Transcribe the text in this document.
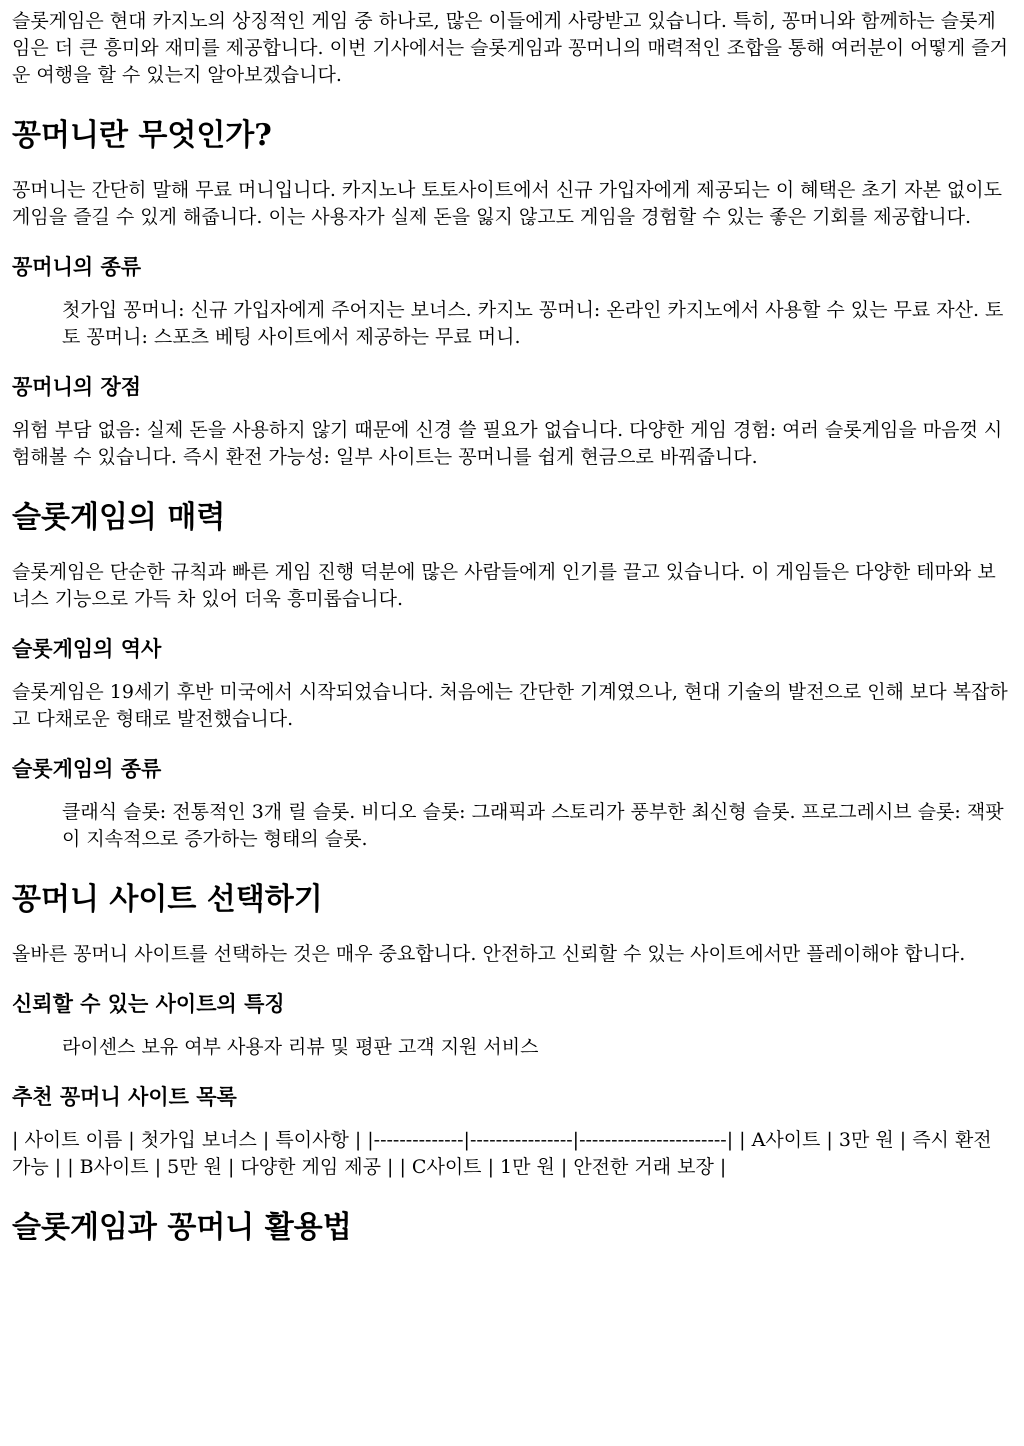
슬롯게임은 현대 카지노의 상징적인 게임 중 하나로, 많은 이들에게 사랑받고 있습니다. 특히, 꽁머니와 함께하는 슬롯게임은 더 큰 흥미와 재미를 제공합니다. 이번 기사에서는 슬롯게임과 꽁머니의 매력적인 조합을 통해 여러분이 어떻게 즐거운 여행을 할 수 있는지 알아보겠습니다.

꽁머니란 무엇인가?

꽁머니는 간단히 말해 무료 머니입니다. 카지노나 토토사이트에서 신규 가입자에게 제공되는 이 혜택은 초기 자본 없이도 게임을 즐길 수 있게 해줍니다. 이는 사용자가 실제 돈을 잃지 않고도 게임을 경험할 수 있는 좋은 기회를 제공합니다.

꽁머니의 종류
첫가입 꽁머니: 신규 가입자에게 주어지는 보너스. 카지노 꽁머니: 온라인 카지노에서 사용할 수 있는 무료 자산. 토토 꽁머니: 스포츠 베팅 사이트에서 제공하는 무료 머니.
꽁머니의 장점

위험 부담 없음: 실제 돈을 사용하지 않기 때문에 신경 쓸 필요가 없습니다. 다양한 게임 경험: 여러 슬롯게임을 마음껏 시험해볼 수 있습니다. 즉시 환전 가능성: 일부 사이트는 꽁머니를 쉽게 현금으로 바꿔줍니다.

슬롯게임의 매력

슬롯게임은 단순한 규칙과 빠른 게임 진행 덕분에 많은 사람들에게 인기를 끌고 있습니다. 이 게임들은 다양한 테마와 보너스 기능으로 가득 차 있어 더욱 흥미롭습니다.

슬롯게임의 역사

슬롯게임은 19세기 후반 미국에서 시작되었습니다. 처음에는 간단한 기계였으나, 현대 기술의 발전으로 인해 보다 복잡하고 다채로운 형태로 발전했습니다.

슬롯게임의 종류
클래식 슬롯: 전통적인 3개 릴 슬롯. 비디오 슬롯: 그래픽과 스토리가 풍부한 최신형 슬롯. 프로그레시브 슬롯: 잭팟이 지속적으로 증가하는 형태의 슬롯.
꽁머니 사이트 선택하기

올바른 꽁머니 사이트를 선택하는 것은 매우 중요합니다. 안전하고 신뢰할 수 있는 사이트에서만 플레이해야 합니다.

신뢰할 수 있는 사이트의 특징
라이센스 보유 여부 사용자 리뷰 및 평판 고객 지원 서비스
추천 꽁머니 사이트 목록

| 사이트 이름 | 첫가입 보너스 | 특이사항 | |--------------|----------------|-----------------------| | A사이트 | 3만 원 | 즉시 환전 가능 | | B사이트 | 5만 원 | 다양한 게임 제공 | | C사이트 | 1만 원 | 안전한 거래 보장 |

슬롯게임과 꽁머니 활용법
